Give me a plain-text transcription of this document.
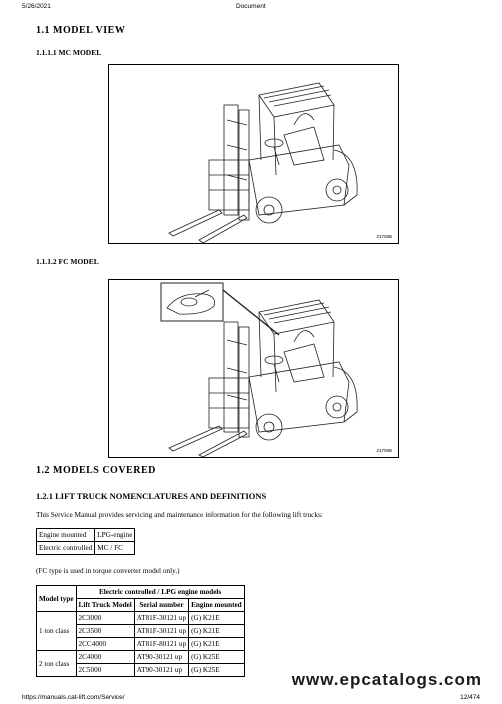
5/26/2021	Document
1.1 MODEL VIEW
1.1.1.1 MC MODEL
21705B
1.1.1.2 FC MODEL
21706B
1.2 MODELS COVERED
1.2.1 LIFT TRUCK NOMENCLATURES AND DEFINITIONS
This Service Manual provides servicing and maintenance information for the following lift trucks:
Engine mounted	LPG-engine
Electric controlled	MC / FC
(FC type is used in torque converter model only.)
Model type	Electric controlled / LPG engine models		
	Lift Truck Model	Serial number	Engine mounted
1 ton class	2C3000	AT81F-30121 up	(G) K21E
	2C3500	AT81F-30121 up	(G) K21E
	2CC4000	AT81F-80121 up	(G) K21E
2 ton class	2C4000	AT90-30121 up	(G) K25E
	2C5000	AT90-30121 up	(G) K25E	www.epcatalogs.com
https://manuals.cat-lift.com/Service/	12/474
